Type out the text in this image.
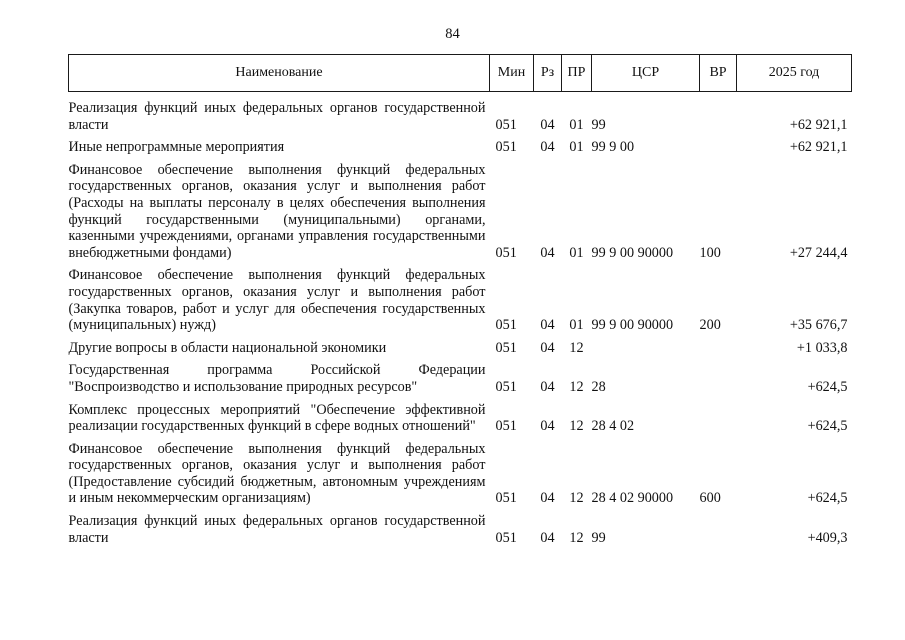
84
Наименование	Мин	Рз	ПР	ЦСР	ВР	2025 год
Реализация функций иных федеральных органов государственной власти	051	04	01	99		+62 921,1
Иные непрограммные мероприятия	051	04	01	99 9 00		+62 921,1
Финансовое обеспечение выполнения функций федеральных государственных органов, оказания услуг и выполнения работ (Расходы на выплаты персоналу в целях обеспечения выполнения функций государственными (муниципальными) органами, казенными учреждениями, органами управления государственными внебюджетными фондами)	051	04	01	99 9 00 90000	100	+27 244,4
Финансовое обеспечение выполнения функций федеральных государственных органов, оказания услуг и выполнения работ (Закупка товаров, работ и услуг для обеспечения государственных (муниципальных) нужд)	051	04	01	99 9 00 90000	200	+35 676,7
Другие вопросы в области национальной экономики	051	04	12			+1 033,8
Государственная программа Российской Федерации "Воспроизводство и использование природных ресурсов"	051	04	12	28		+624,5
Комплекс процессных мероприятий "Обеспечение эффективной реализации государственных функций в сфере водных отношений"	051	04	12	28 4 02		+624,5
Финансовое обеспечение выполнения функций федеральных государственных органов, оказания услуг и выполнения работ (Предоставление субсидий бюджетным, автономным учреждениям и иным некоммерческим организациям)	051	04	12	28 4 02 90000	600	+624,5
Реализация функций иных федеральных органов государственной власти	051	04	12	99		+409,3
